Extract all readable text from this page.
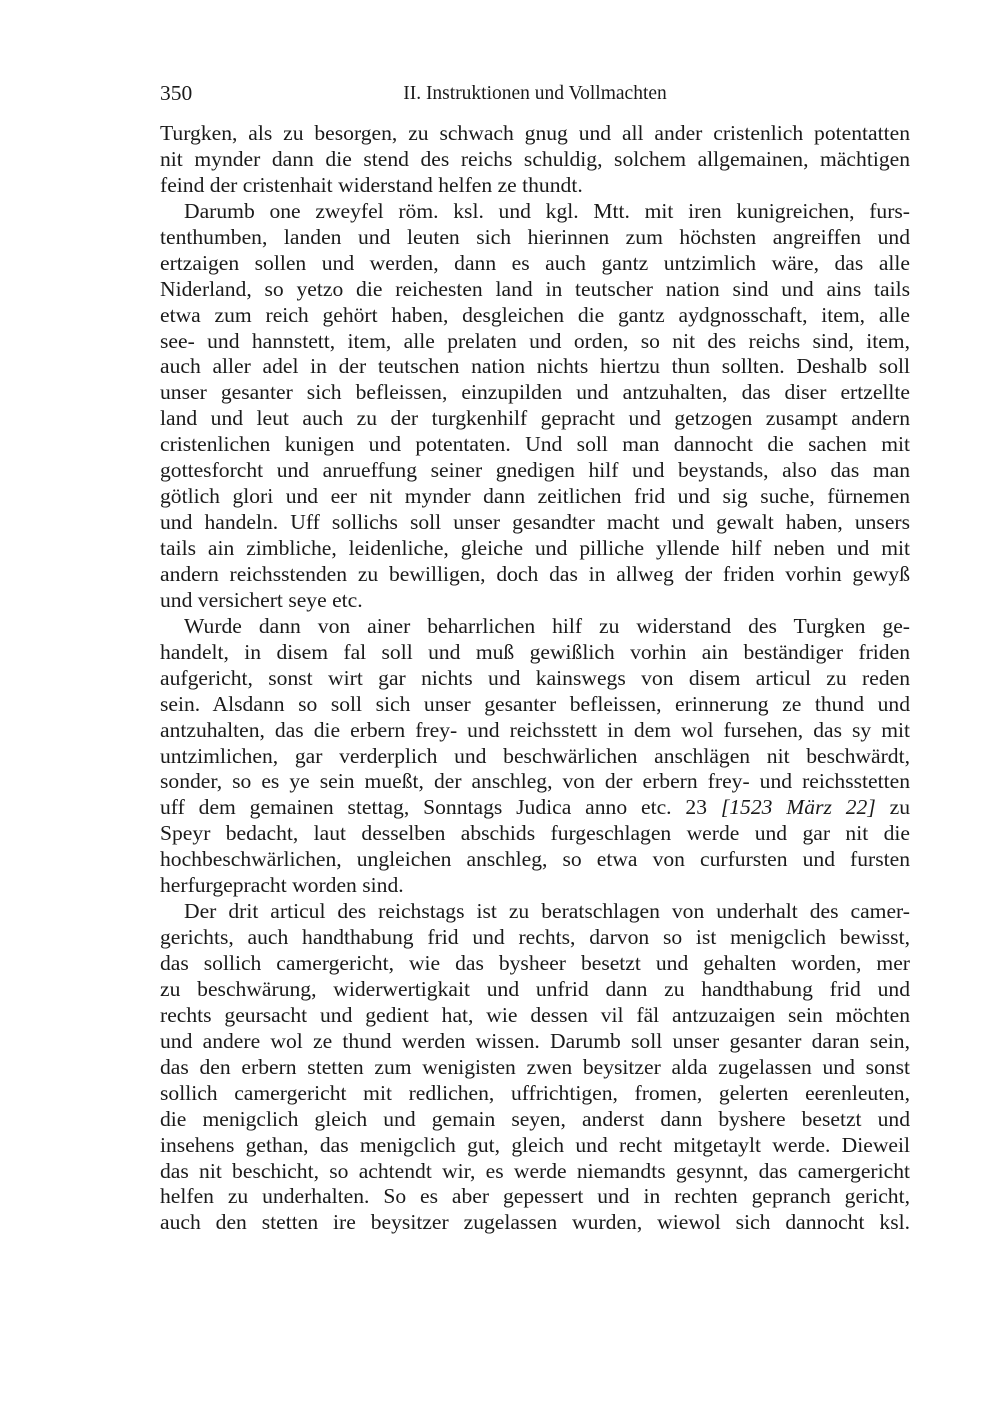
350	II. Instruktionen und Vollmachten
Turgken, als zu besorgen, zu schwach gnug und all ander cristenlich potentatten
nit mynder dann die stend des reichs schuldig, solchem allgemainen, mächtigen
feind der cristenhait widerstand helfen ze thundt.
Darumb one zweyfel röm. ksl. und kgl. Mtt. mit iren kunigreichen, furs-
tenthumben, landen und leuten sich hierinnen zum höchsten angreiffen und
ertzaigen sollen und werden, dann es auch gantz untzimlich wäre, das alle
Niderland, so yetzo die reichesten land in teutscher nation sind und ains tails
etwa zum reich gehört haben, desgleichen die gantz aydgnosschaft, item, alle
see- und hannstett, item, alle prelaten und orden, so nit des reichs sind, item,
auch aller adel in der teutschen nation nichts hiertzu thun sollten. Deshalb soll
unser gesanter sich befleissen, einzupilden und antzuhalten, das diser ertzellte
land und leut auch zu der turgkenhilf gepracht und getzogen zusampt andern
cristenlichen kunigen und potentaten. Und soll man dannocht die sachen mit
gottesforcht und anrueffung seiner gnedigen hilf und beystands, also das man
götlich glori und eer nit mynder dann zeitlichen frid und sig suche, fürnemen
und handeln. Uff sollichs soll unser gesandter macht und gewalt haben, unsers
tails ain zimbliche, leidenliche, gleiche und pilliche yllende hilf neben und mit
andern reichsstenden zu bewilligen, doch das in allweg der friden vorhin gewyß
und versichert seye etc.
Wurde dann von ainer beharrlichen hilf zu widerstand des Turgken ge-
handelt, in disem fal soll und muß gewißlich vorhin ain beständiger friden
aufgericht, sonst wirt gar nichts und kainswegs von disem articul zu reden
sein. Alsdann so soll sich unser gesanter befleissen, erinnerung ze thund und
antzuhalten, das die erbern frey- und reichsstett in dem wol fursehen, das sy mit
untzimlichen, gar verderplich und beschwärlichen anschlägen nit beschwärdt,
sonder, so es ye sein mueßt, der anschleg, von der erbern frey- und reichsstetten
uff dem gemainen stettag, Sonntags Judica anno etc. 23 [1523 März 22] zu
Speyr bedacht, laut desselben abschids furgeschlagen werde und gar nit die
hochbeschwärlichen, ungleichen anschleg, so etwa von curfursten und fursten
herfurgepracht worden sind.
Der drit articul des reichstags ist zu beratschlagen von underhalt des camer-
gerichts, auch handthabung frid und rechts, darvon so ist menigclich bewisst,
das sollich camergericht, wie das bysheer besetzt und gehalten worden, mer
zu beschwärung, widerwertigkait und unfrid dann zu handthabung frid und
rechts geursacht und gedient hat, wie dessen vil fäl antzuzaigen sein möchten
und andere wol ze thund werden wissen. Darumb soll unser gesanter daran sein,
das den erbern stetten zum wenigisten zwen beysitzer alda zugelassen und sonst
sollich camergericht mit redlichen, uffrichtigen, fromen, gelerten eerenleuten,
die menigclich gleich und gemain seyen, anderst dann byshere besetzt und
insehens gethan, das menigclich gut, gleich und recht mitgetaylt werde. Dieweil
das nit beschicht, so achtendt wir, es werde niemandts gesynnt, das camergericht
helfen zu underhalten. So es aber gepessert und in rechten gepranch gericht,
auch den stetten ire beysitzer zugelassen wurden, wiewol sich dannocht ksl.
